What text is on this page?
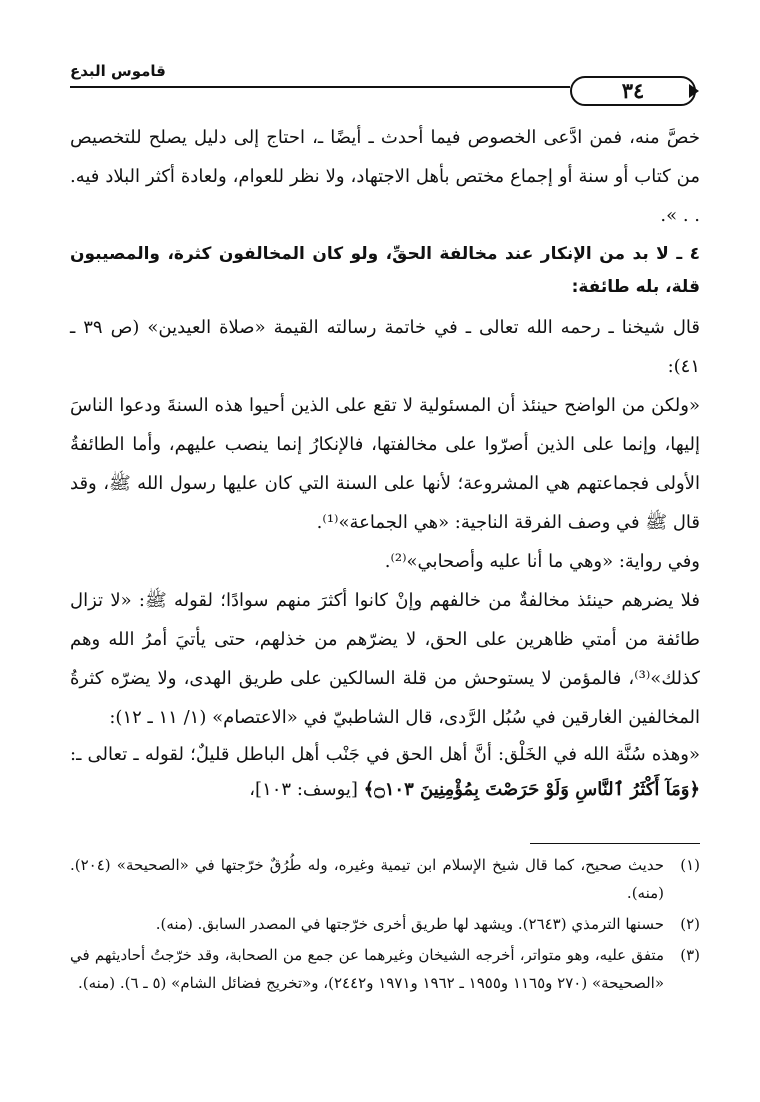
قاموس البدع
٣٤

خصَّ منه، فمن ادَّعى الخصوص فيما أحدث ـ أيضًا ـ، احتاج إلى دليل يصلح للتخصيص من كتاب أو سنة أو إجماع مختص بأهل الاجتهاد، ولا نظر للعوام، ولعادة أكثر البلاد فيه. . . ».

٤ ـ لا بد من الإنكار عند مخالفة الحقِّ، ولو كان المخالفون كثرة، والمصيبون قلة، بله طائفة:

قال شيخنا ـ رحمه الله تعالى ـ في خاتمة رسالته القيمة «صلاة العيدين» (ص ٣٩ ـ ٤١):

«ولكن من الواضح حينئذ أن المسئولية لا تقع على الذين أحيوا هذه السنةَ ودعوا الناسَ إليها، وإنما على الذين أصرّوا على مخالفتها، فالإنكارُ إنما ينصب عليهم، وأما الطائفةُ الأولى فجماعتهم هي المشروعة؛ لأنها على السنة التي كان عليها رسول الله ﷺ، وقد قال ﷺ في وصف الفرقة الناجية: «هي الجماعة»⁽¹⁾.

وفي رواية: «وهي ما أنا عليه وأصحابي»⁽²⁾.

فلا يضرهم حينئذ مخالفةٌ من خالفهم وإنْ كانوا أكثرَ منهم سوادًا؛ لقوله ﷺ: «لا تزال طائفة من أمتي ظاهرين على الحق، لا يضرّهم من خذلهم، حتى يأتيَ أمرُ الله وهم كذلك»⁽³⁾، فالمؤمن لا يستوحش من قلة السالكين على طريق الهدى، ولا يضرّه كثرةُ المخالفين الغارقين في سُبُل الرَّدى، قال الشاطبيّ في «الاعتصام» (١/ ١١ ـ ١٢):

«وهذه سُنَّة الله في الخَلْق: أنَّ أهل الحق في جَنْب أهل الباطل قليلٌ؛ لقوله ـ تعالى ـ: ﴿وَمَآ أَكْثَرُ ٱلنَّاسِ وَلَوْ حَرَصْتَ بِمُؤْمِنِينَ ۝١٠٣﴾ [يوسف: ١٠٣]،

(١)
حديث صحيح، كما قال شيخ الإسلام ابن تيمية وغيره، وله طُرُقٌ خرّجتها في «الصحيحة» (٢٠٤). (منه).
(٢)
حسنها الترمذي (٢٦٤٣). ويشهد لها طريق أخرى خرّجتها في المصدر السابق. (منه).
(٣)
متفق عليه، وهو متواتر، أخرجه الشيخان وغيرهما عن جمع من الصحابة، وقد خرّجتُ أحاديثهم في «الصحيحة» (٢٧٠ و١١٦٥ و١٩٥٥ ـ ١٩٦٢ و١٩٧١ و٢٤٤٢)، و«تخريج فضائل الشام» (٥ ـ ٦). (منه).
